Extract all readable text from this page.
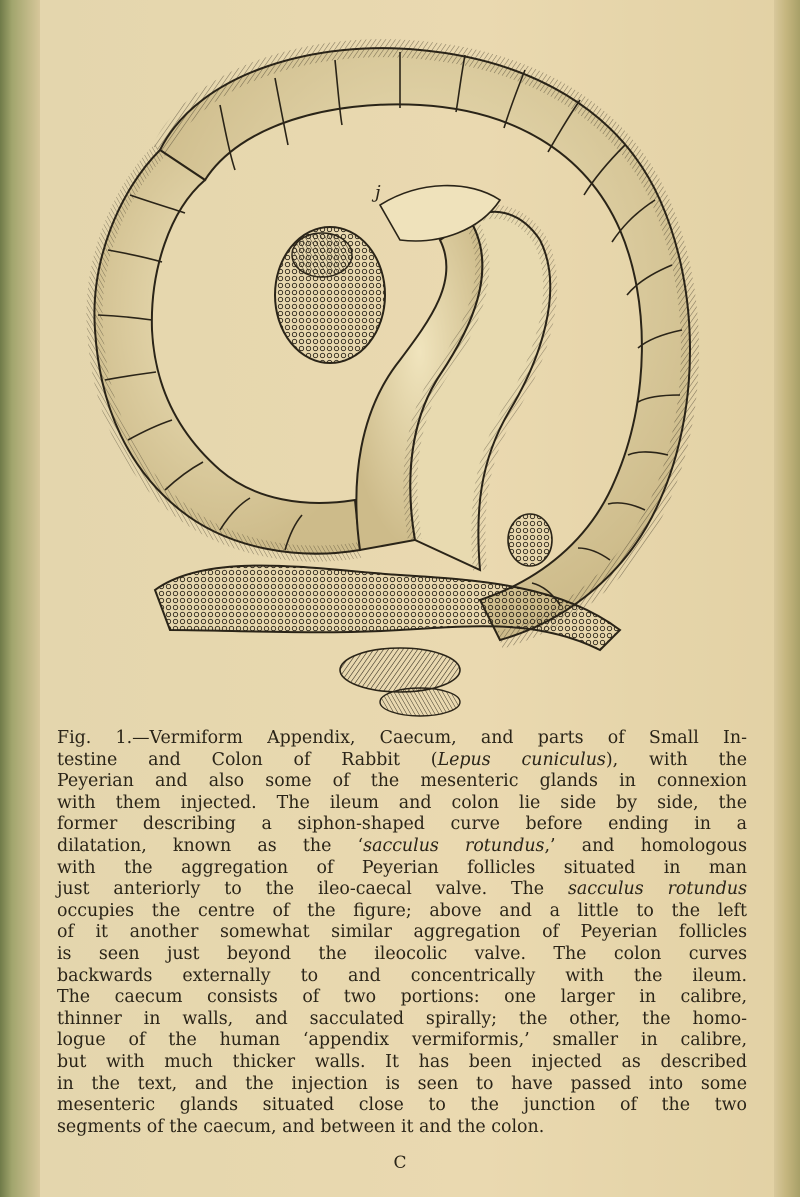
j
Fig. 1.—Vermiform Appendix, Caecum, and parts of Small In-
testine and Colon of Rabbit (Lepus cuniculus), with the
Peyerian and also some of the mesenteric glands in connexion
with them injected. The ileum and colon lie side by side, the
former describing a siphon-shaped curve before ending in a
dilatation, known as the ‘sacculus rotundus,’ and homologous
with the aggregation of Peyerian follicles situated in man
just anteriorly to the ileo-caecal valve. The sacculus rotundus
occupies the centre of the figure; above and a little to the left
of it another somewhat similar aggregation of Peyerian follicles
is seen just beyond the ileocolic valve. The colon curves
backwards externally to and concentrically with the ileum.
The caecum consists of two portions: one larger in calibre,
thinner in walls, and sacculated spirally; the other, the homo-
logue of the human ‘appendix vermiformis,’ smaller in calibre,
but with much thicker walls. It has been injected as described
in the text, and the injection is seen to have passed into some
mesenteric glands situated close to the junction of the two
segments of the caecum, and between it and the colon.
C
